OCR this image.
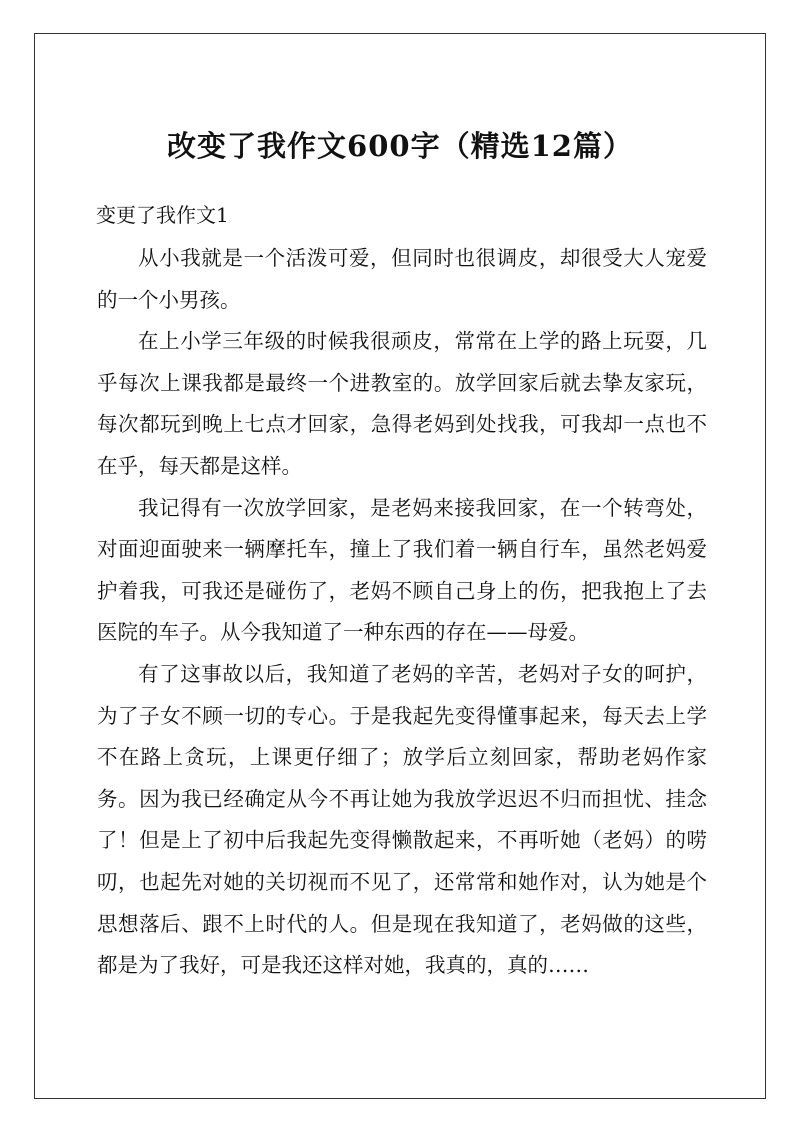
改变了我作文600字（精选12篇）
变更了我作文1

从小我就是一个活泼可爱，但同时也很调皮，却很受大人宠爱的一个小男孩。

在上小学三年级的时候我很顽皮，常常在上学的路上玩耍，几乎每次上课我都是最终一个进教室的。放学回家后就去挚友家玩，每次都玩到晚上七点才回家，急得老妈到处找我，可我却一点也不在乎，每天都是这样。

我记得有一次放学回家，是老妈来接我回家，在一个转弯处，对面迎面驶来一辆摩托车，撞上了我们着一辆自行车，虽然老妈爱护着我，可我还是碰伤了，老妈不顾自己身上的伤，把我抱上了去医院的车子。从今我知道了一种东西的存在——母爱。

有了这事故以后，我知道了老妈的辛苦，老妈对子女的呵护，为了子女不顾一切的专心。于是我起先变得懂事起来，每天去上学不在路上贪玩，上课更仔细了；放学后立刻回家，帮助老妈作家务。因为我已经确定从今不再让她为我放学迟迟不归而担忧、挂念了！但是上了初中后我起先变得懒散起来，不再听她（老妈）的唠叨，也起先对她的关切视而不见了，还常常和她作对，认为她是个思想落后、跟不上时代的人。但是现在我知道了，老妈做的这些，都是为了我好，可是我还这样对她，我真的，真的……
